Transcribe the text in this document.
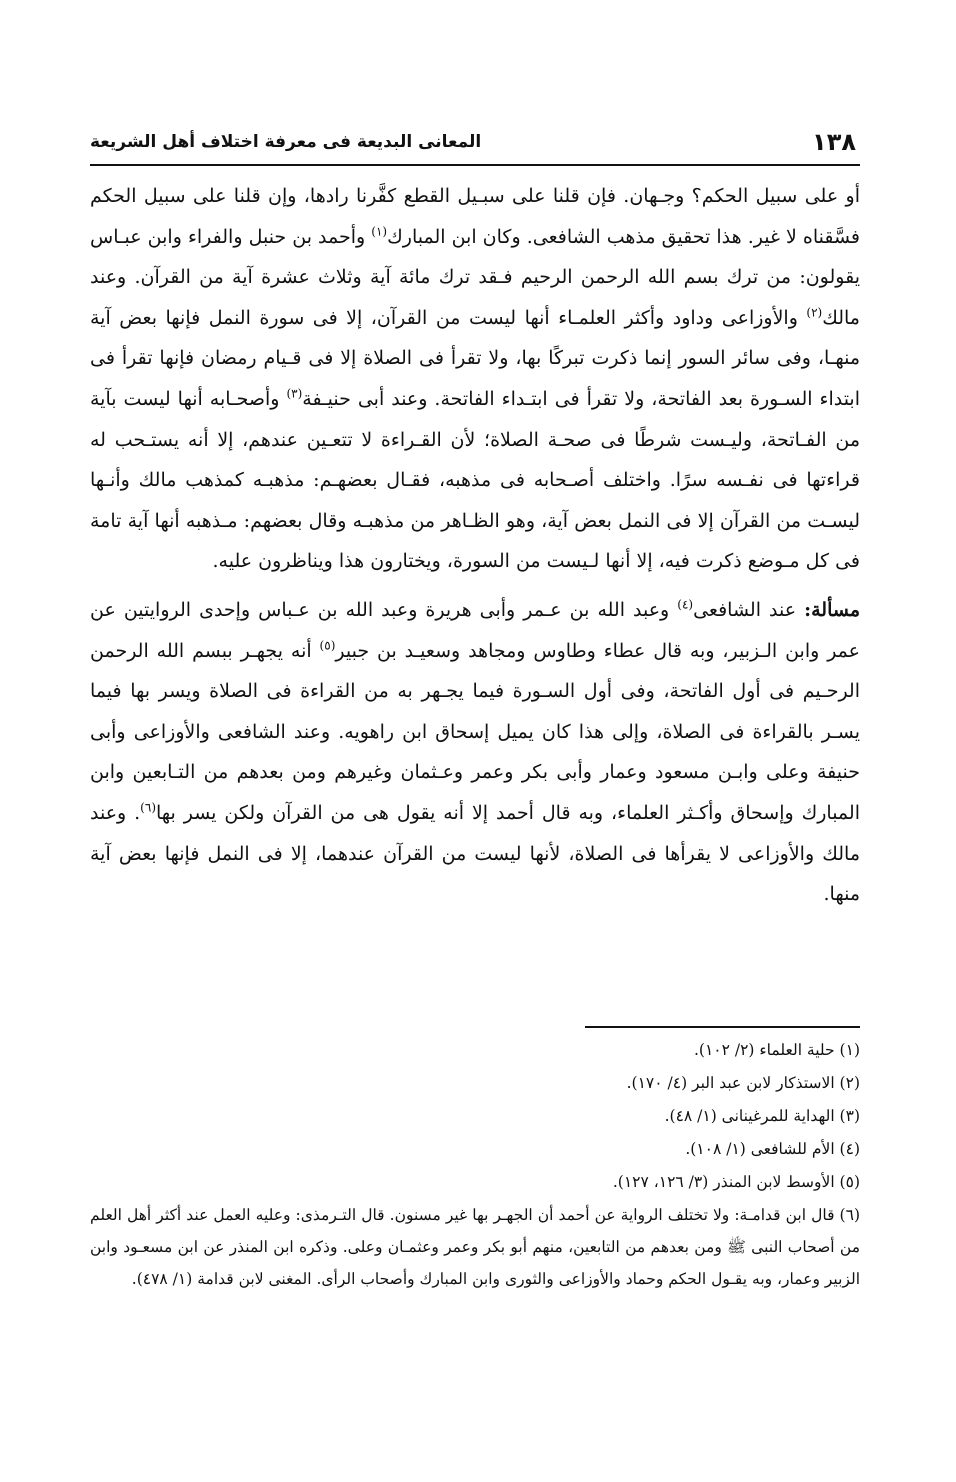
١٣٨
المعانى البديعة فى معرفة اختلاف أهل الشريعة

أو على سبيل الحكم؟ وجـهان. فإن قلنا على سبـيل القطع كفَّرنا رادها، وإن قلنا على سبيل الحكم فسَّقناه لا غير. هذا تحقيق مذهب الشافعى. وكان ابن المبارك$^{(١)}$ وأحمد بن حنبل والفراء وابن عبـاس يقولون: من ترك بسم الله الرحمن الرحيم فـقد ترك مائة آية وثلاث عشرة آية من القرآن. وعند مالك$^{(٢)}$ والأوزاعى وداود وأكثر العلمـاء أنها ليست من القرآن، إلا فى سورة النمل فإنها بعض آية منهـا، وفى سائر السور إنما ذكرت تبركًا بها، ولا تقرأ فى الصلاة إلا فى قـيام رمضان فإنها تقرأ فى ابتداء السـورة بعد الفاتحة، ولا تقرأ فى ابتـداء الفاتحة. وعند أبى حنيـفة$^{(٣)}$ وأصحـابه أنها ليست بآية من الفـاتحة، وليـست شرطًا فى صحـة الصلاة؛ لأن القـراءة لا تتعـين عندهم، إلا أنه يستـحب له قراءتها فى نفـسه سرًا. واختلف أصـحابه فى مذهبه، فقـال بعضهـم: مذهبـه كمذهب مالك وأنـها ليسـت من القرآن إلا فى النمل بعض آية، وهو الظـاهر من مذهبـه وقال بعضهم: مـذهبه أنها آية تامة فى كل مـوضع ذكرت فيه، إلا أنها لـيست من السورة، ويختارون هذا ويناظرون عليه.

مسألة: عند الشافعى$^{(٤)}$ وعبد الله بن عـمر وأبى هريرة وعبد الله بن عـباس وإحدى الروايتين عن عمر وابن الـزبير، وبه قال عطاء وطاوس ومجاهد وسعيـد بن جبير$^{(٥)}$ أنه يجهـر ببسم الله الرحمن الرحـيم فى أول الفاتحة، وفى أول السـورة فيما يجـهر به من القراءة فى الصلاة ويسر بها فيما يسـر بالقراءة فى الصلاة، وإلى هذا كان يميل إسحاق ابن راهويه. وعند الشافعى والأوزاعى وأبى حنيفة وعلى وابـن مسعود وعمار وأبى بكر وعمر وعـثمان وغيرهم ومن بعدهم من التـابعين وابن المبارك وإسحاق وأكـثر العلماء، وبه قال أحمد إلا أنه يقول هى من القرآن ولكن يسر بها$^{(٦)}$. وعند مالك والأوزاعى لا يقرأها فى الصلاة، لأنها ليست من القرآن عندهما، إلا فى النمل فإنها بعض آية منها.

(١) حلية العلماء (٢/ ١٠٢).

(٢) الاستذكار لابن عبد البر (٤/ ١٧٠).

(٣) الهداية للمرغينانى (١/ ٤٨).

(٤) الأم للشافعى (١/ ١٠٨).

(٥) الأوسط لابن المنذر (٣/ ١٢٦، ١٢٧).

(٦) قال ابن قدامـة: ولا تختلف الرواية عن أحمد أن الجهـر بها غير مسنون. قال التـرمذى: وعليه العمل عند أكثر أهل العلم من أصحاب النبى ﷺ ومن بعدهم من التابعين، منهم أبو بكر وعمر وعثمـان وعلى. وذكره ابن المنذر عن ابن مسعـود وابن الزبير وعمار، وبه يقـول الحكم وحماد والأوزاعى والثورى وابن المبارك وأصحاب الرأى. المغنى لابن قدامة (١/ ٤٧٨).
